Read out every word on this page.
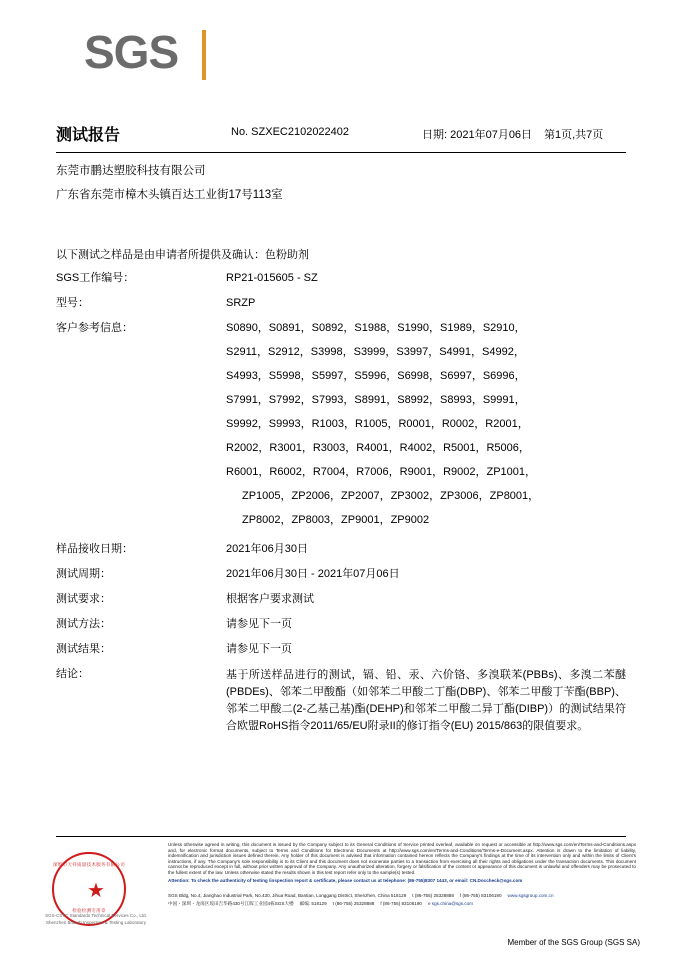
SGS
测试报告	No. SZXEC2102022402	日期: 2021年07月06日 第1页,共7页
东莞市鹏达塑胶科技有限公司
广东省东莞市樟木头镇百达工业街17号113室
以下测试之样品是由申请者所提供及确认：色粉助剂
SGS工作编号：	RP21-015605 - SZ
型号：	SRZP
客户参考信息：	S0890，S0891，S0892，S1988，S1990，S1989，S2910，
S2911，S2912，S3998，S3999，S3997，S4991，S4992，
S4993，S5998，S5997，S5996，S6998，S6997，S6996，
S7991，S7992，S7993，S8991，S8992，S8993，S9991，
S9992，S9993，R1003，R1005，R0001，R0002，R2001，
R2002，R3001，R3003，R4001，R4002，R5001，R5006，
R6001，R6002，R7004，R7006，R9001，R9002，ZP1001，
ZP1005，ZP2006，ZP2007，ZP3002，ZP3006，ZP8001，
ZP8002，ZP8003，ZP9001，ZP9002
样品接收日期：	2021年06月30日
测试周期：	2021年06月30日 - 2021年07月06日
测试要求：	根据客户要求测试
测试方法：	请参见下一页
测试结果：	请参见下一页
结论：	基于所送样品进行的测试，镉、铅、汞、六价铬、多溴联苯(PBBs)、多溴二苯醚(PBDEs)、邻苯二甲酸酯（如邻苯二甲酸二丁酯(DBP)、邻苯二甲酸丁苄酯(BBP)、邻苯二甲酸二(2-乙基己基)酯(DEHP)和邻苯二甲酸二异丁酯(DIBP)）的测试结果符合欧盟RoHS指令2011/65/EU附录II的修订指令(EU) 2015/863的限值要求。
深圳市天祥质量技术服务有限公司
★
检验检测专用章
SGS-CSTC Standards Technical Services Co., Ltd.
Shenzhen Branch Inspection & Testing Laboratory
Unless otherwise agreed in writing, this document is issued by the Company subject to its General Conditions of Service printed overleaf, available on request or accessible at http://www.sgs.com/en/Terms-and-Conditions.aspx and, for electronic format documents, subject to Terms and Conditions for Electronic Documents at http://www.sgs.com/en/Terms-and-Conditions/Terms-e-Document.aspx. Attention is drawn to the limitation of liability, indemnification and jurisdiction issues defined therein. Any holder of this document is advised that information contained hereon reflects the Company's findings at the time of its intervention only and within the limits of Client's instructions, if any. The Company's sole responsibility is to its Client and this document does not exonerate parties to a transaction from exercising all their rights and obligations under the transaction documents. This document cannot be reproduced except in full, without prior written approval of the Company. Any unauthorized alteration, forgery or falsification of the content or appearance of this document is unlawful and offenders may be prosecuted to the fullest extent of the law. Unless otherwise stated the results shown in this test report refer only to the sample(s) tested.
Attention: To check the authenticity of testing /inspection report & certificate, please contact us at telephone: (86-755)8307 1443, or email: CN.Doccheck@sgs.com
SGS Bldg, No.4, Jianghao Industrial Park, No.430, Jihua Road, Bantian, Longgang District, Shenzhen, China 518129 t (86-755) 25328888 f (86-755) 83106190 www.sgsgroup.com.cn
中国・深圳・龙岗区坂田吉华路430号江晖工业园4栋SGS大楼 邮编: 518129 t (86-755) 25328888 f (86-755) 83106190 e sgs.china@sgs.com
Member of the SGS Group (SGS SA)
